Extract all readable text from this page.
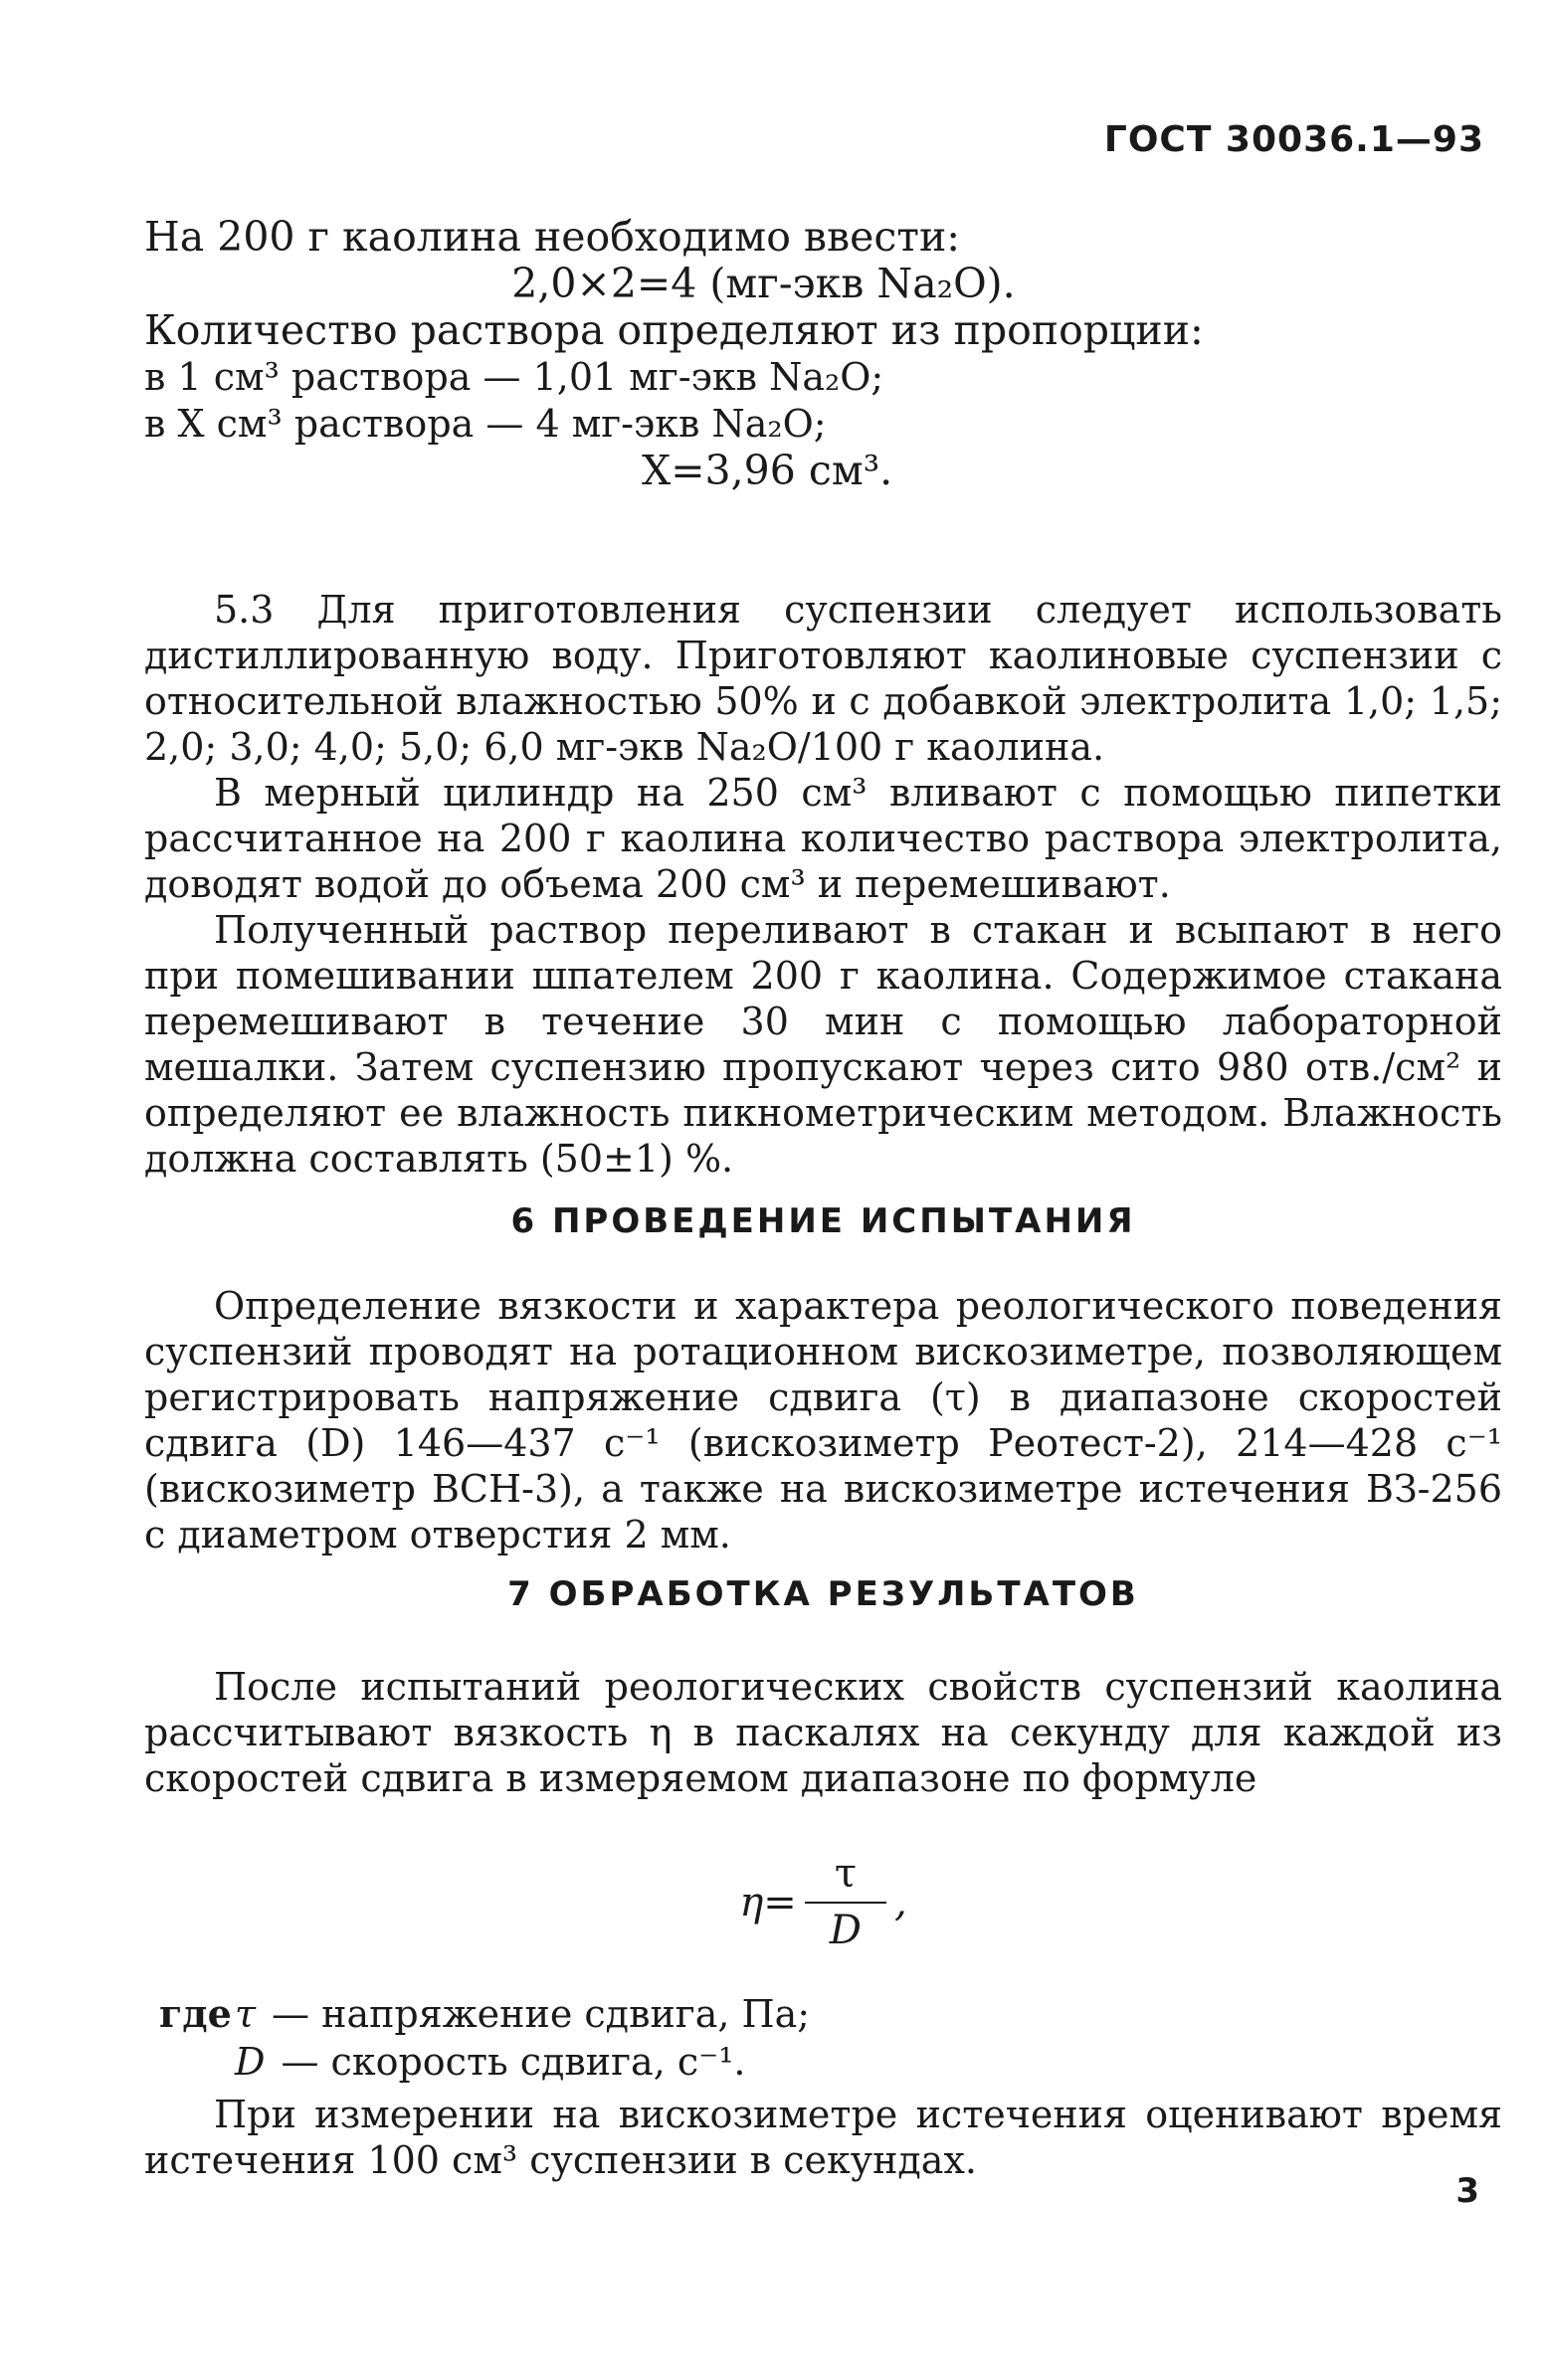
ГОСТ 30036.1—93
На 200 г каолина необходимо ввести:
2,0×2=4 (мг-экв Na₂O).
Количество раствора определяют из пропорции:
в 1 см³ раствора — 1,01 мг-экв Na₂O;
в X см³ раствора — 4 мг-экв Na₂O;
X=3,96 см³.

5.3 Для приготовления суспензии следует использовать дистиллированную воду. Приготовляют каолиновые суспензии с относительной влажностью 50% и с добавкой электролита 1,0; 1,5; 2,0; 3,0; 4,0; 5,0; 6,0 мг-экв Na₂O/100 г каолина.

В мерный цилиндр на 250 см³ вливают с помощью пипетки рассчитанное на 200 г каолина количество раствора электролита, доводят водой до объема 200 см³ и перемешивают.

Полученный раствор переливают в стакан и всыпают в него при помешивании шпателем 200 г каолина. Содержимое стакана перемешивают в течение 30 мин с помощью лабораторной мешалки. Затем суспензию пропускают через сито 980 отв./см² и определяют ее влажность пикнометрическим методом. Влажность должна составлять (50±1) %.

6 ПРОВЕДЕНИЕ ИСПЫТАНИЯ

Определение вязкости и характера реологического поведения суспензий проводят на ротационном вискозиметре, позволяющем регистрировать напряжение сдвига (τ) в диапазоне скоростей сдвига (D) 146—437 с⁻¹ (вискозиметр Реотест-2), 214—428 с⁻¹ (вискозиметр ВСН-3), а также на вискозиметре истечения ВЗ-256 с диаметром отверстия 2 мм.

7 ОБРАБОТКА РЕЗУЛЬТАТОВ

После испытаний реологических свойств суспензий каолина рассчитывают вязкость η в паскалях на секунду для каждой из скоростей сдвига в измеряемом диапазоне по формуле

$\eta= \frac{\tau}{D}$ ,
где τ — напряжение сдвига, Па;
D — скорость сдвига, с⁻¹.

При измерении на вискозиметре истечения оценивают время истечения 100 см³ суспензии в секундах.

3
